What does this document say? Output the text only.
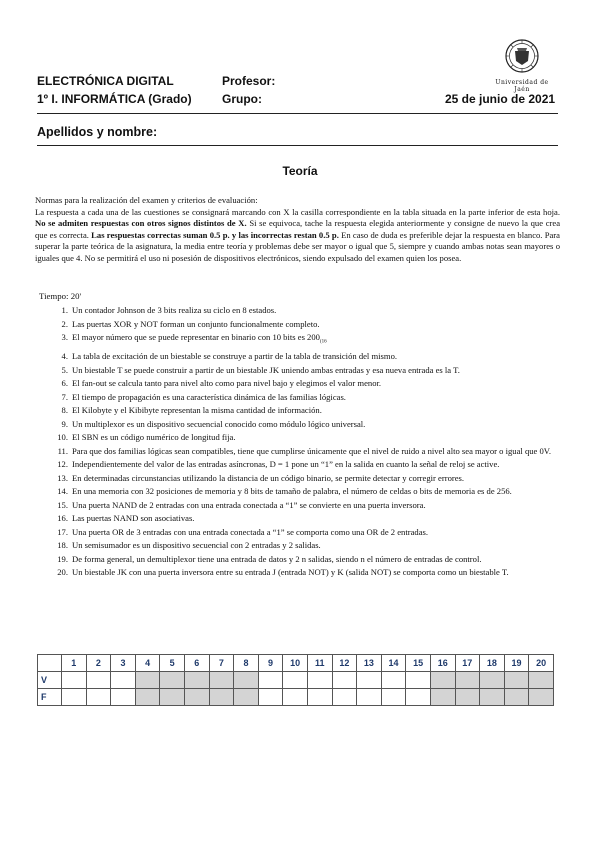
ELECTRÓNICA DIGITAL
1º I. INFORMÁTICA (Grado)
Profesor:
Grupo:	25 de junio de 2021
Universidad de Jaén
Apellidos y nombre:
Teoría
Normas para la realización del examen y criterios de evaluación:
La respuesta a cada una de las cuestiones se consignará marcando con X la casilla correspondiente en la tabla situada en la parte inferior de esta hoja. No se admiten respuestas con otros signos distintos de X. Si se equivoca, tache la respuesta elegida anteriormente y consigne de nuevo la que crea que es correcta. Las respuestas correctas suman 0.5 p. y las incorrectas restan 0.5 p. En caso de duda es preferible dejar la respuesta en blanco. Para superar la parte teórica de la asignatura, la media entre teoría y problemas debe ser mayor o igual que 5, siempre y cuando ambas notas sean mayores o iguales que 4. No se permitirá el uso ni posesión de dispositivos electrónicos, siendo expulsado del examen quien los posea.
Tiempo: 20'
1. Un contador Johnson de 3 bits realiza su ciclo en 8 estados.
2. Las puertas XOR y NOT forman un conjunto funcionalmente completo.
3. El mayor número que se puede representar en binario con 10 bits es $200_{(16}$
4. La tabla de excitación de un biestable se construye a partir de la tabla de transición del mismo.
5. Un biestable T se puede construir a partir de un biestable JK uniendo ambas entradas y esa nueva entrada es la T.
6. El fan-out se calcula tanto para nivel alto como para nivel bajo y elegimos el valor menor.
7. El tiempo de propagación es una característica dinámica de las familias lógicas.
8. El Kilobyte y el Kibibyte representan la misma cantidad de información.
9. Un multiplexor es un dispositivo secuencial conocido como módulo lógico universal.
10. El SBN es un código numérico de longitud fija.
11. Para que dos familias lógicas sean compatibles, tiene que cumplirse únicamente que el nivel de ruido a nivel alto sea mayor o igual que 0V.
12. Independientemente del valor de las entradas asíncronas, D = 1 pone un “1” en la salida en cuanto la señal de reloj se active.
13. En determinadas circunstancias utilizando la distancia de un código binario, se permite detectar y corregir errores.
14. En una memoria con 32 posiciones de memoria y 8 bits de tamaño de palabra, el número de celdas o bits de memoria es de 256.
15. Una puerta NAND de 2 entradas con una entrada conectada a “1” se convierte en una puerta inversora.
16. Las puertas NAND son asociativas.
17. Una puerta OR de 3 entradas con una entrada conectada a “1” se comporta como una OR de 2 entradas.
18. Un semisumador es un dispositivo secuencial con 2 entradas y 2 salidas.
19. De forma general, un demultiplexor tiene una entrada de datos y 2 n salidas, siendo n el número de entradas de control.
20. Un biestable JK con una puerta inversora entre su entrada J (entrada NOT) y K (salida NOT) se comporta como un biestable T.
	1	2	3	4	5	6	7	8	9	10	11	12	13	14	15	16	17	18	19	20
V																				
F																				
